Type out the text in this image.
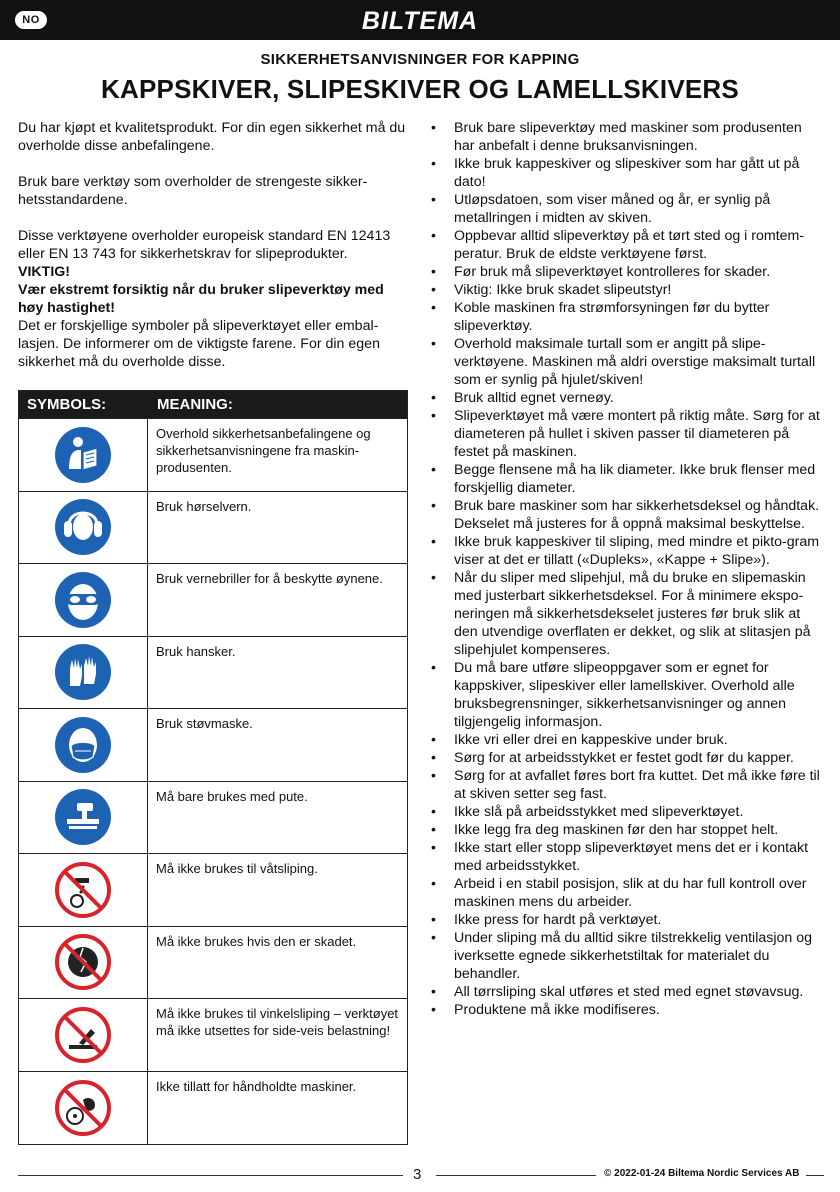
NO	BILTEMA
SIKKERHETSANVISNINGER FOR KAPPING
KAPPSKIVER, SLIPESKIVER OG LAMELLSKIVERS

Du har kjøpt et kvalitetsprodukt. For din egen sikkerhet må du overholde disse anbefalingene.

Bruk bare verktøy som overholder de strengeste sikker-hetsstandardene.

Disse verktøyene overholder europeisk standard EN 12413 eller EN 13 743 for sikkerhetskrav for slipeprodukter.

VIKTIG!

Vær ekstremt forsiktig når du bruker slipeverktøy med høy hastighet!

Det er forskjellige symboler på slipeverktøyet eller embal-lasjen. De informerer om de viktigste farene. For din egen sikkerhet må du overholde disse.

SYMBOLS:	MEANING:
Overhold sikkerhetsanbefalingene og sikkerhetsanvisningene fra maskin-produsenten.
Bruk hørselvern.
Bruk vernebriller for å beskytte øynene.
Bruk hansker.
Bruk støvmaske.
Må bare brukes med pute.
Må ikke brukes til våtsliping.
Må ikke brukes hvis den er skadet.
Må ikke brukes til vinkelsliping – verktøyet må ikke utsettes for side-veis belastning!
Ikke tillatt for håndholdte maskiner.
• Bruk bare slipeverktøy med maskiner som produsenten har anbefalt i denne bruksanvisningen.
• Ikke bruk kappeskiver og slipeskiver som har gått ut på dato!
• Utløpsdatoen, som viser måned og år, er synlig på metallringen i midten av skiven.
• Oppbevar alltid slipeverktøy på et tørt sted og i romtem-peratur. Bruk de eldste verktøyene først.
• Før bruk må slipeverktøyet kontrolleres for skader.
• Viktig: Ikke bruk skadet slipeutstyr!
• Koble maskinen fra strømforsyningen før du bytter slipeverktøy.
• Overhold maksimale turtall som er angitt på slipe-verktøyene. Maskinen må aldri overstige maksimalt turtall som er synlig på hjulet/skiven!
• Bruk alltid egnet verneøy.
• Slipeverktøyet må være montert på riktig måte. Sørg for at diameteren på hullet i skiven passer til diameteren på festet på maskinen.
• Begge flensene må ha lik diameter. Ikke bruk flenser med forskjellig diameter.
• Bruk bare maskiner som har sikkerhetsdeksel og håndtak. Dekselet må justeres for å oppnå maksimal beskyttelse.
• Ikke bruk kappeskiver til sliping, med mindre et pikto-gram viser at det er tillatt («Dupleks», «Kappe + Slipe»).
• Når du sliper med slipehjul, må du bruke en slipemaskin med justerbart sikkerhetsdeksel. For å minimere ekspo-neringen må sikkerhetsdekselet justeres før bruk slik at den utvendige overflaten er dekket, og slik at slitasjen på slipehjulet kompenseres.
• Du må bare utføre slipeoppgaver som er egnet for kappskiver, slipeskiver eller lamellskiver. Overhold alle bruksbegrensninger, sikkerhetsanvisninger og annen tilgjengelig informasjon.
• Ikke vri eller drei en kappeskive under bruk.
• Sørg for at arbeidsstykket er festet godt før du kapper.
• Sørg for at avfallet føres bort fra kuttet. Det må ikke føre til at skiven setter seg fast.
• Ikke slå på arbeidsstykket med slipeverktøyet.
• Ikke legg fra deg maskinen før den har stoppet helt.
• Ikke start eller stopp slipeverktøyet mens det er i kontakt med arbeidsstykket.
• Arbeid i en stabil posisjon, slik at du har full kontroll over maskinen mens du arbeider.
• Ikke press for hardt på verktøyet.
• Under sliping må du alltid sikre tilstrekkelig ventilasjon og iverksette egnede sikkerhetstiltak for materialet du behandler.
• All tørrsliping skal utføres et sted med egnet støvavsug.
• Produktene må ikke modifiseres.
3	© 2022-01-24 Biltema Nordic Services AB
